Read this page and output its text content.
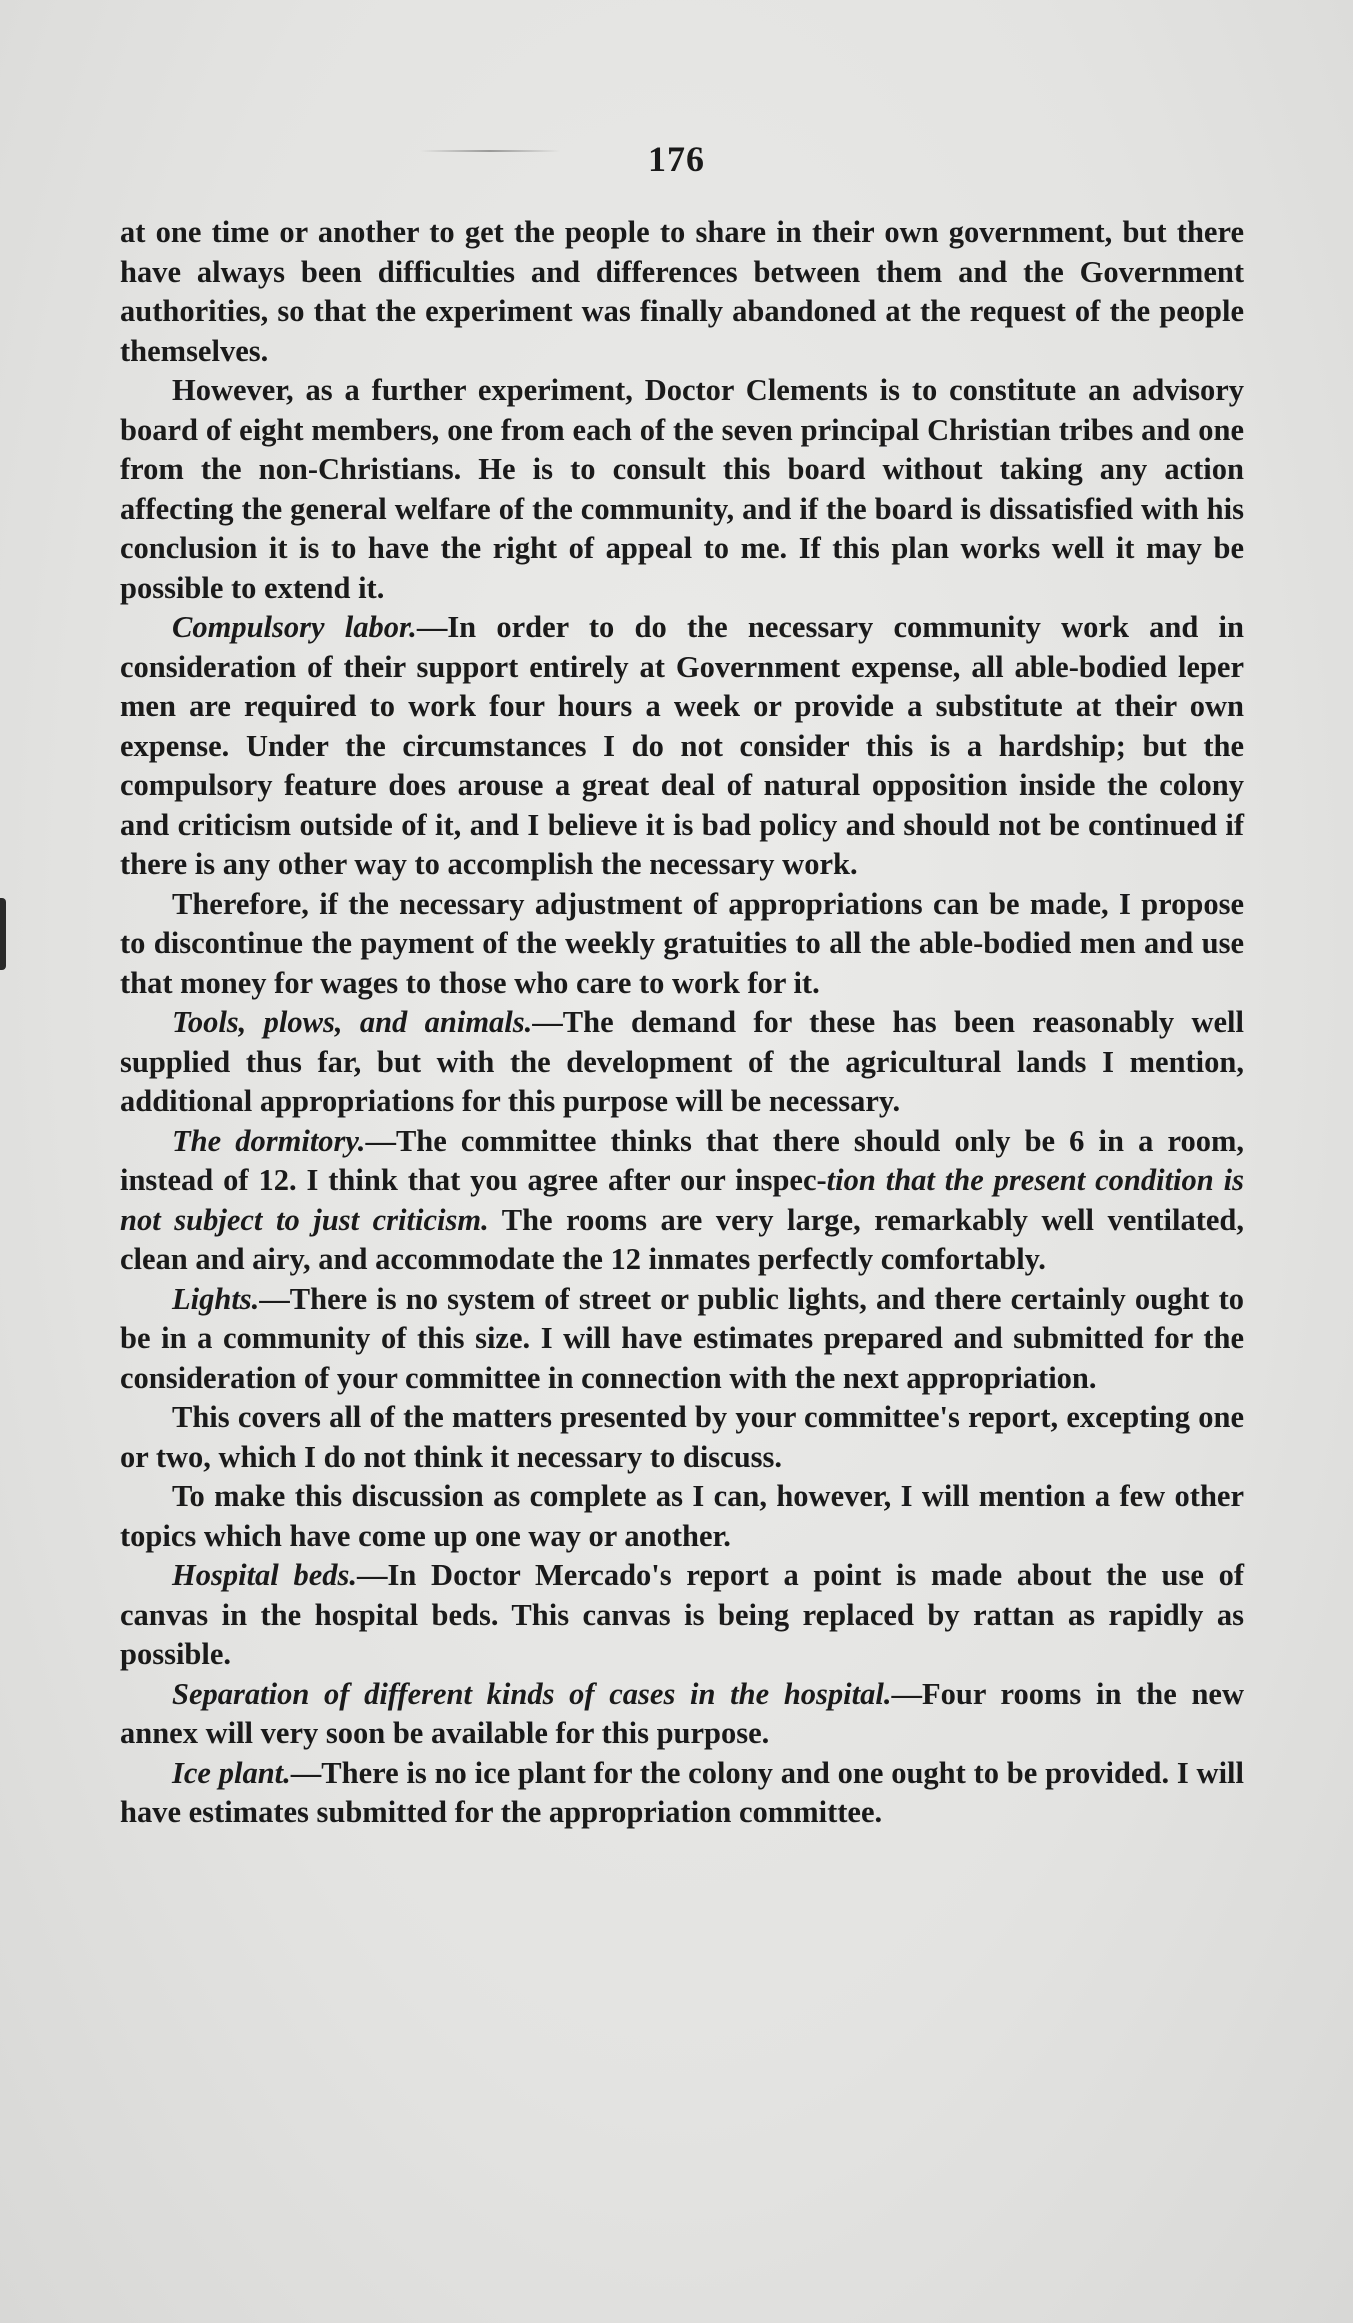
176

at one time or another to get the people to share in their own government, but there have always been difficulties and differences between them and the Government authorities, so that the experiment was finally abandoned at the request of the people themselves.

However, as a further experiment, Doctor Clements is to constitute an advisory board of eight members, one from each of the seven principal Christian tribes and one from the non-Christians. He is to consult this board without taking any action affecting the general welfare of the community, and if the board is dissatisfied with his conclusion it is to have the right of appeal to me. If this plan works well it may be possible to extend it.

Compulsory labor.—In order to do the necessary community work and in consideration of their support entirely at Government expense, all able-bodied leper men are required to work four hours a week or provide a substitute at their own expense. Under the circumstances I do not consider this is a hardship; but the compulsory feature does arouse a great deal of natural opposition inside the colony and criticism outside of it, and I believe it is bad policy and should not be continued if there is any other way to accomplish the necessary work.

Therefore, if the necessary adjustment of appropriations can be made, I propose to discontinue the payment of the weekly gratuities to all the able-bodied men and use that money for wages to those who care to work for it.

Tools, plows, and animals.—The demand for these has been reasonably well supplied thus far, but with the development of the agricultural lands I mention, additional appropriations for this purpose will be necessary.

The dormitory.—The committee thinks that there should only be 6 in a room, instead of 12. I think that you agree after our inspec-tion that the present condition is not subject to just criticism. The rooms are very large, remarkably well ventilated, clean and airy, and accommodate the 12 inmates perfectly comfortably.

Lights.—There is no system of street or public lights, and there certainly ought to be in a community of this size. I will have estimates prepared and submitted for the consideration of your committee in connection with the next appropriation.

This covers all of the matters presented by your committee's report, excepting one or two, which I do not think it necessary to discuss.

To make this discussion as complete as I can, however, I will mention a few other topics which have come up one way or another.

Hospital beds.—In Doctor Mercado's report a point is made about the use of canvas in the hospital beds. This canvas is being replaced by rattan as rapidly as possible.

Separation of different kinds of cases in the hospital.—Four rooms in the new annex will very soon be available for this purpose.

Ice plant.—There is no ice plant for the colony and one ought to be provided. I will have estimates submitted for the appropriation committee.
